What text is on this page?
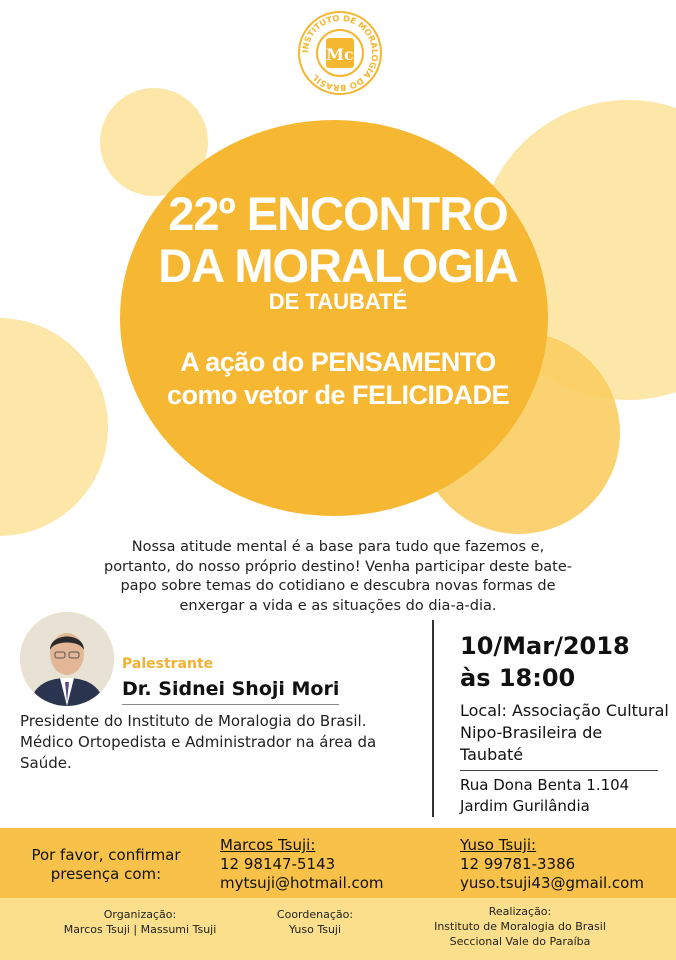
INSTITUTO DE MORALOGIA DO BRASIL
Mc
22º ENCONTRO
DA MORALOGIA
DE TAUBATÉ
A ação do PENSAMENTO
como vetor de FELICIDADE
Nossa atitude mental é a base para tudo que fazemos e, portanto, do nosso próprio destino! Venha participar deste bate-papo sobre temas do cotidiano e descubra novas formas de enxergar a vida e as situações do dia-a-dia.
Palestrante
Dr. Sidnei Shoji Mori
Presidente do Instituto de Moralogia do Brasil. Médico Ortopedista e Administrador na área da Saúde.
10/Mar/2018
às 18:00
Local: Associação Cultural Nipo-Brasileira de Taubaté
Rua Dona Benta 1.104
Jardim Gurilândia
Por favor, confirmar
presença com:
Marcos Tsuji:
12 98147-5143
mytsuji@hotmail.com
Yuso Tsuji:
12 99781-3386
yuso.tsuji43@gmail.com
Organização:
Marcos Tsuji | Massumi Tsuji
Coordenação:
Yuso Tsuji
Realização:
Instituto de Moralogia do Brasil
Seccional Vale do Paraíba
